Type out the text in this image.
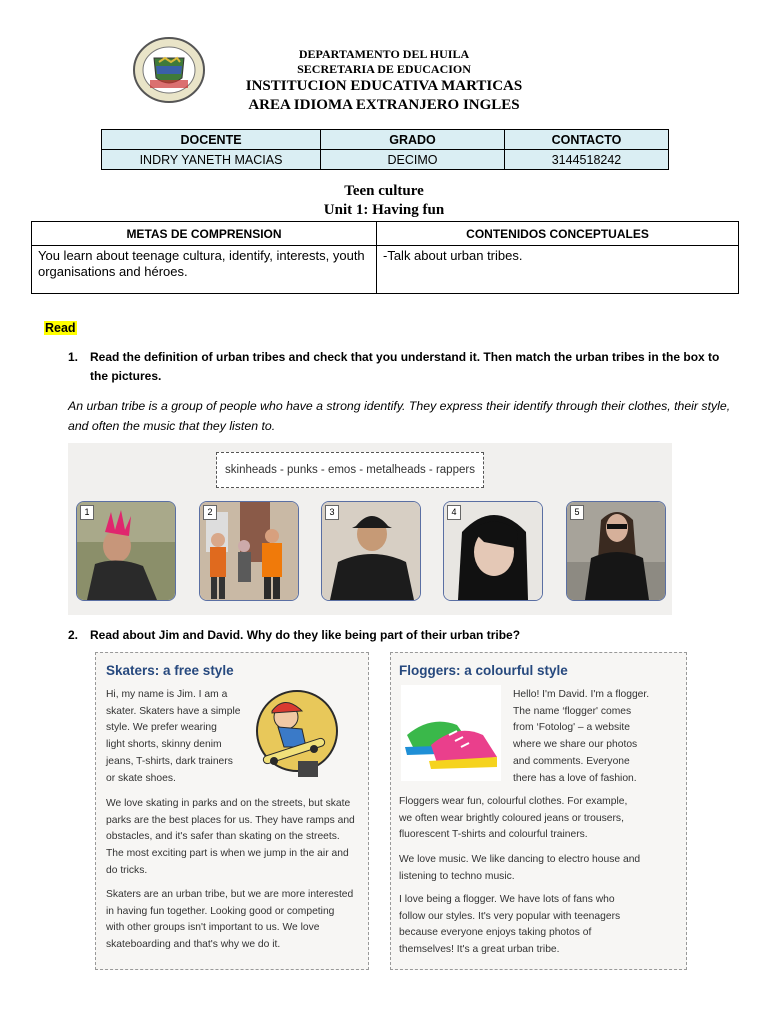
DEPARTAMENTO DEL HUILA
SECRETARIA DE EDUCACION
INSTITUCION EDUCATIVA MARTICAS
AREA IDIOMA EXTRANJERO INGLES
DOCENTE	GRADO	CONTACTO
INDRY YANETH MACIAS	DECIMO	3144518242
Teen culture
Unit 1: Having fun
METAS DE COMPRENSION	CONTENIDOS CONCEPTUALES
You learn about teenage cultura, identify, interests, youth organisations and héroes.	-Talk about urban tribes.
Read
1. Read the definition of urban tribes and check that you understand it. Then match the urban tribes in the box to the pictures.
An urban tribe is a group of people who have a strong identify. They express their identify through their clothes, their style, and often the music that they listen to.
skinheads - punks - emos - metalheads - rappers
1	2	3	4	5
2. Read about Jim and David. Why do they like being part of their urban tribe?
Skaters: a free style
Hi, my name is Jim. I am a
skater. Skaters have a simple
style. We prefer wearing
light shorts, skinny denim
jeans, T-shirts, dark trainers
or skate shoes.
We love skating in parks and on the streets, but skate
parks are the best places for us. They have ramps and
obstacles, and it's safer than skating on the streets.
The most exciting part is when we jump in the air and
do tricks.
Skaters are an urban tribe, but we are more interested
in having fun together. Looking good or competing
with other groups isn't important to us. We love
skateboarding and that's why we do it.
Floggers: a colourful style
Hello! I'm David. I'm a flogger.
The name ‘flogger' comes
from ‘Fotolog' – a website
where we share our photos
and comments. Everyone
there has a love of fashion.
Floggers wear fun, colourful clothes. For example,
we often wear brightly coloured jeans or trousers,
fluorescent T-shirts and colourful trainers.
We love music. We like dancing to electro house and
listening to techno music.
I love being a flogger. We have lots of fans who
follow our styles. It's very popular with teenagers
because everyone enjoys taking photos of
themselves! It's a great urban tribe.
